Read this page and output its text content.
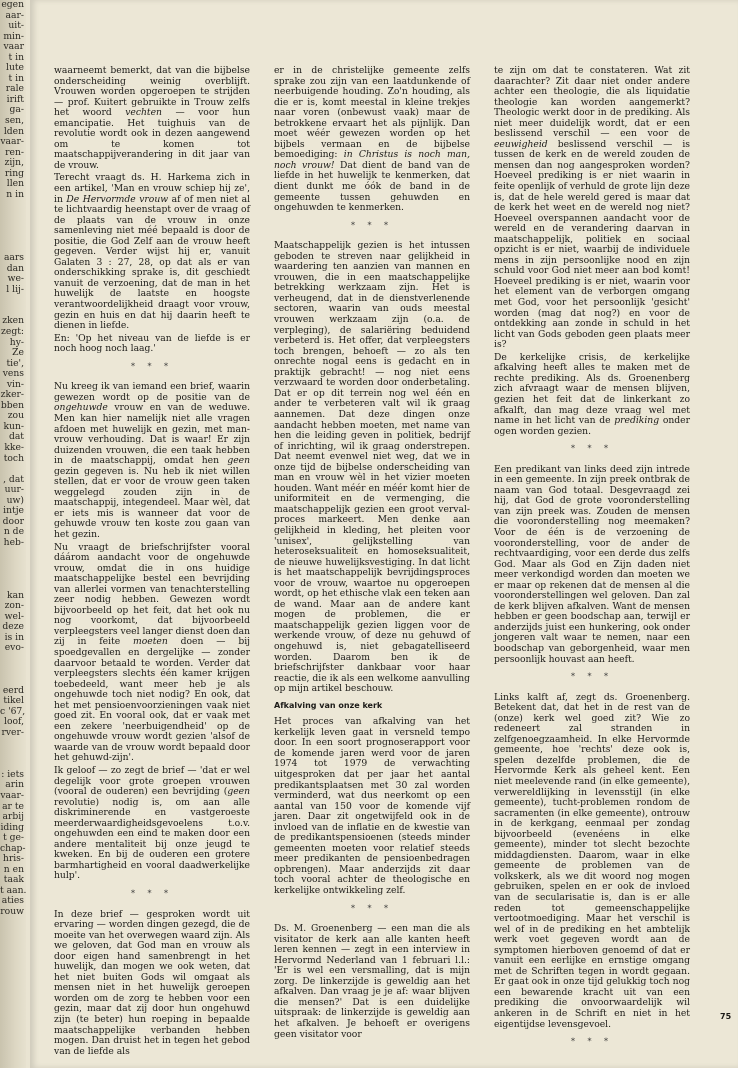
egen
aar-
uit-
min-
vaar
t in
lute
t in
rale
irift
ga-
sen,
lden
vaar-
ren-
zijn,
ring
llen
n in

aars
dan
we-
l lij-

zken
zegt:
hy-
Ze
tie',
vens
vin-
zker-
bben
zou
kun-
dat
kke-
toch

, dat
uur-
uw)
intje
door
n de
heb-

kan
zon-
wel-
deze
is in
evo-

eerd
tikel
c '67,
loof,
rver-

: iets
arin
vaar-
ar te
arbij
iding
t ge-
chap-
hris-
n en
taak
t aan.
aties
rouw

waarneemt bemerkt, dat van die bijbelse onderscheiding weinig overblijft. Vrouwen worden opgeroepen te strijden — prof. Kuitert gebruikte in Trouw zelfs het woord vechten — voor hun emancipatie. Het tuighuis van de revolutie wordt ook in dezen aangewend om te komen tot maatschappijverandering in dit jaar van de vrouw.

Terecht vraagt ds. H. Harkema zich in een artikel, 'Man en vrouw schiep hij ze', in De Hervormde vrouw af of men niet al te lichtvaardig heenstapt over de vraag of de plaats van de vrouw in onze samenleving niet méé bepaald is door de positie, die God Zelf aan de vrouw heeft gegeven. Verder wijst hij er, vanuit Galaten 3 : 27, 28, op dat als er van onderschikking sprake is, dit geschiedt vanuit de verzoening, dat de man in het huwelijk de laatste en hoogste verantwoordelijkheid draagt voor vrouw, gezin en huis en dat hij daarin heeft te dienen in liefde.

En: 'Op het niveau van de liefde is er noch hoog noch laag.'

* * *

Nu kreeg ik van iemand een brief, waarin gewezen wordt op de positie van de ongehuwde vrouw en van de weduwe. Men kan hier namelijk niet alle vragen afdoen met huwelijk en gezin, met man-vrouw verhouding. Dat is waar! Er zijn duizenden vrouwen, die een taak hebben in de maatschappij, omdat hen geen gezin gegeven is. Nu heb ik niet willen stellen, dat er voor de vrouw geen taken weggelegd zouden zijn in de maatschappij, integendeel. Maar wèl, dat er iets mis is wanneer dat voor de gehuwde vrouw ten koste zou gaan van het gezin.

Nu vraagt de briefschrijfster vooral dáárom aandacht voor de ongehuwde vrouw, omdat die in ons huidige maatschappelijke bestel een bevrijding van allerlei vormen van tenachterstelling zeer nodig hebben. Gewezen wordt bijvoorbeeld op het feit, dat het ook nu nog voorkomt, dat bijvoorbeeld verpleegsters veel langer dienst doen dan zij in feite moeten doen — bij spoedgevallen en dergelijke — zonder daarvoor betaald te worden. Verder dat verpleegsters slechts één kamer krijgen toebedeeld, want meer heb je als ongehuwde toch niet nodig? En ook, dat het met pensioenvoorzieningen vaak niet goed zit. En vooral ook, dat er vaak met een zekere 'neerbuigendheid' op de ongehuwde vrouw wordt gezien 'alsof de waarde van de vrouw wordt bepaald door het gehuwd-zijn'.

Ik geloof — zo zegt de brief — 'dat er wel degelijk voor grote groepen vrouwen (vooral de ouderen) een bevrijding (geen revolutie) nodig is, om aan alle diskriminerende en vastgeroeste meerderwaardigheidsgevoelens t.o.v. ongehuwden een eind te maken door een andere mentaliteit bij onze jeugd te kweken. En bij de ouderen een grotere barmhartigheid en vooral daadwerkelijke hulp'.

* * *

In deze brief — gesproken wordt uit ervaring — worden dingen gezegd, die de moeite van het overwegen waard zijn. Als we geloven, dat God man en vrouw als door eigen hand samenbrengt in het huwelijk, dan mogen we ook weten, dat het niet buiten Gods wil omgaat als mensen niet in het huwelijk geroepen worden om de zorg te hebben voor een gezin, maar dat zij door hun ongehuwd zijn (te beter) hun roeping in bepaalde maatschappelijke verbanden hebben mogen. Dan druist het in tegen het gebod van de liefde als

er in de christelijke gemeente zelfs sprake zou zijn van een laatdunkende of neerbuigende houding. Zo'n houding, als die er is, komt meestal in kleine trekjes naar voren (onbewust vaak) maar de betrokkene ervaart het als pijnlijk. Dan moet wéér gewezen worden op het bijbels vermaan en de bijbelse bemoediging: in Christus is noch man, noch vrouw! Dat dient de band van de liefde in het huwelijk te kenmerken, dat dient dunkt me óók de band in de gemeente tussen gehuwden en ongehuwden te kenmerken.

* * *

Maatschappelijk gezien is het intussen geboden te streven naar gelijkheid in waardering ten aanzien van mannen en vrouwen, die in een maatschappelijke betrekking werkzaam zijn. Het is verheugend, dat in de dienstverlenende sectoren, waarin van ouds meestal vrouwen werkzaam zijn (o.a. de verpleging), de salariëring beduidend verbeterd is. Het offer, dat verpleegsters toch brengen, behoeft — zo als ten onrechte nogal eens is gedacht en in praktijk gebracht! — nog niet eens verzwaard te worden door onderbetaling. Dat er op dit terrein nog wel één en ander te verbeteren valt wil ik graag aannemen. Dat deze dingen onze aandacht hebben moeten, met name van hen die leiding geven in politiek, bedrijf of inrichting, wil ik graag onderstrepen. Dat neemt evenwel niet weg, dat we in onze tijd de bijbelse onderscheiding van man en vrouw wèl in het vizier moeten houden. Want méér en méér komt hier de uniformiteit en de vermenging, die maatschappelijk gezien een groot verval-proces markeert. Men denke aan gelijkheid in kleding, het pleiten voor 'unisex', gelijkstelling van heteroseksualiteit en homoseksualiteit, de nieuwe huwelijksvestiging. In dat licht is het maatschappelijk bevrijdingsproces voor de vrouw, waartoe nu opgeroepen wordt, op het ethische vlak een teken aan de wand. Maar aan de andere kant mogen de problemen, die er maatschappelijk gezien liggen voor de werkende vrouw, of deze nu gehuwd of ongehuwd is, niet gebagatelliseerd worden. Daarom ben ik de briefschrijfster dankbaar voor haar reactie, die ik als een welkome aanvulling op mijn artikel beschouw.

Afkalving van onze kerk

Het proces van afkalving van het kerkelijk leven gaat in versneld tempo door. In een soort prognoserapport voor de komende jaren werd voor de jaren 1974 tot 1979 de verwachting uitgesproken dat per jaar het aantal predikantsplaatsen met 30 zal worden verminderd, wat dus neerkomt op een aantal van 150 voor de komende vijf jaren. Daar zit ongetwijfeld ook in de invloed van de inflatie en de kwestie van de predikantspensioenen (steeds minder gemeenten moeten voor relatief steeds meer predikanten de pensioenbedragen opbrengen). Maar anderzijds zit daar toch vooral achter de theologische en kerkelijke ontwikkeling zelf.

* * *

Ds. M. Groenenberg — een man die als visitator de kerk aan alle kanten heeft leren kennen — zegt in een interview in Hervormd Nederland van 1 februari l.l.: 'Er is wel een versmalling, dat is mijn zorg. De linkerzijde is geweldig aan het afkalven. Dan vraag je je af: waar blijven die mensen?' Dat is een duidelijke uitspraak: de linkerzijde is geweldig aan het afkalven. Je behoeft er overigens geen visitator voor

te zijn om dat te constateren. Wat zit daarachter? Zit daar niet onder andere achter een theologie, die als liquidatie theologie kan worden aangemerkt? Theologic werkt door in de prediking. Als niet meer duidelijk wordt, dat er een beslissend verschil — een voor de eeuwigheid beslissend verschil — is tussen de kerk en de wereld zouden de mensen dan nog aangesproken worden? Hoeveel prediking is er niet waarin in feite openlijk of verhuld de grote lijn deze is, dat de hele wereld gered is maar dat de kerk het weet en de wereld nog niet? Hoeveel overspannen aandacht voor de wereld en de verandering daarvan in maatschappelijk, politiek en sociaal opzicht is er niet, waarbij de individuele mens in zijn persoonlijke nood en zijn schuld voor God niet meer aan bod komt! Hoeveel prediking is er niet, waarin voor het element van de verborgen omgang met God, voor het persoonlijk 'gesicht' worden (mag dat nog?) en voor de ontdekking aan zonde in schuld in het licht van Gods geboden geen plaats meer is?

De kerkelijke crisis, de kerkelijke afkalving heeft alles te maken met de rechte prediking. Als ds. Groenenberg zich afvraagt waar de mensen blijven, gezien het feit dat de linkerkant zo afkalft, dan mag deze vraag wel met name in het licht van de prediking onder ogen worden gezien.

* * *

Een predikant van links deed zijn intrede in een gemeente. In zijn preek ontbrak de naam van God totaal. Desgevraagd zei hij, dat God de grote vooronderstelling van zijn preek was. Zouden de mensen die vooronderstelling nog meemaken? Voor de één is de verzoening de vooronderstelling, voor de ander de rechtvaardiging, voor een derde dus zelfs God. Maar als God en Zijn daden niet meer verkondigd worden dan moeten we er maar op rekenen dat de mensen al die vooronderstellingen wel geloven. Dan zal de kerk blijven afkalven. Want de mensen hebben er geen boodschap aan, terwijl er anderzijds juist een hunkering, ook onder jongeren valt waar te nemen, naar een boodschap van geborgenheid, waar men persoonlijk houvast aan heeft.

* * *

Links kalft af, zegt ds. Groenenberg. Betekent dat, dat het in de rest van de (onze) kerk wel goed zit? Wie zo redeneert zal stranden in zelfgenoegzaamheid. In elke Hervormde gemeente, hoe 'rechts' deze ook is, spelen dezelfde problemen, die de Hervormde Kerk als geheel kent. Een niet meelevende rand (in elke gemeente), verwereldlijking in levensstijl (in elke gemeente), tucht-problemen rondom de sacramenten (in elke gemeente), ontrouw in de kerkgang, eenmaal per zondag bijvoorbeeld (evenéens in elke gemeente), minder tot slecht bezochte middagdiensten. Daarom, waar in elke gemeente de problemen van de volkskerk, als we dit woord nog mogen gebruiken, spelen en er ook de invloed van de secularisatie is, dan is er alle reden tot gemeenschappelijke vertootmoediging. Maar het verschil is wel of in de prediking en het ambtelijk werk voet gegeven wordt aan de symptomen hierboven genoemd of dat er vanuit een eerlijke en ernstige omgang met de Schriften tegen in wordt gegaan. Er gaat ook in onze tijd gelukkig toch nog een bewarende kracht uit van een prediking die onvoorwaardelijk wil ankeren in de Schrift en niet in het eigentijdse levensgevoel.

* * *
75
